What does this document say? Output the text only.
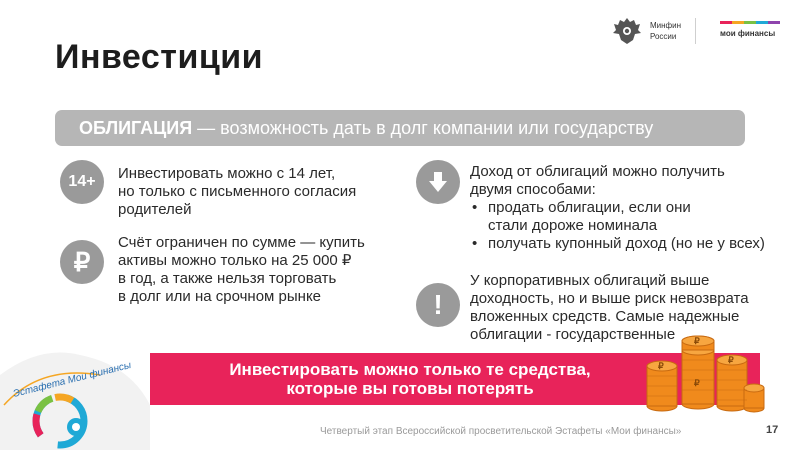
Инвестиции
Минфин
России	мои финансы
ОБЛИГАЦИЯ — возможность дать в долг компании или государству
14+	Инвестировать можно с 14 лет,
но только с письменного согласия
родителей
₽
Счёт ограничен по сумме — купить
активы можно только на 25 000 ₽
в год, а также нельзя торговать
в долг или на срочном рынке
Доход от облигаций можно получить
двумя способами:
• продать облигации, если они
стали дороже номинала
• получать купонный доход (но не у всех)
!
У корпоративных облигаций выше
доходность, но и выше риск невозврата
вложенных средств. Самые надежные
облигации - государственные
Инвестировать можно только те средства,
которые вы готовы потерять
₽
₽
₽
₽
Эстафета Мои финансы
Четвертый этап Всероссийской просветительской Эстафеты «Мои финансы»	17
